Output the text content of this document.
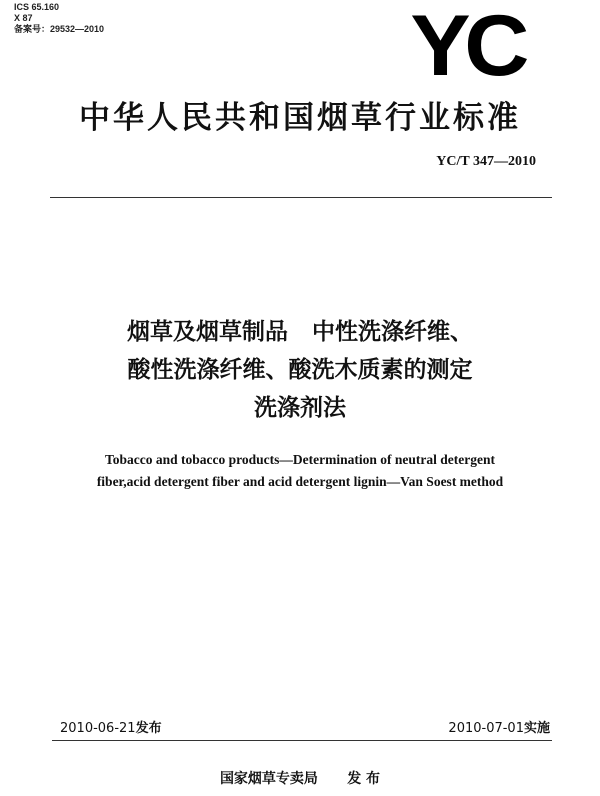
ICS 65.160
X 87
备案号：29532—2010	YC
中华人民共和国烟草行业标准
YC/T 347—2010
烟草及烟草制品   中性洗涤纤维、
酸性洗涤纤维、酸洗木质素的测定
洗涤剂法
Tobacco and tobacco products—Determination of neutral detergent
fiber,acid detergent fiber and acid detergent lignin—Van Soest method
2010-06-21发布	2010-07-01实施
国家烟草专卖局 发 布
